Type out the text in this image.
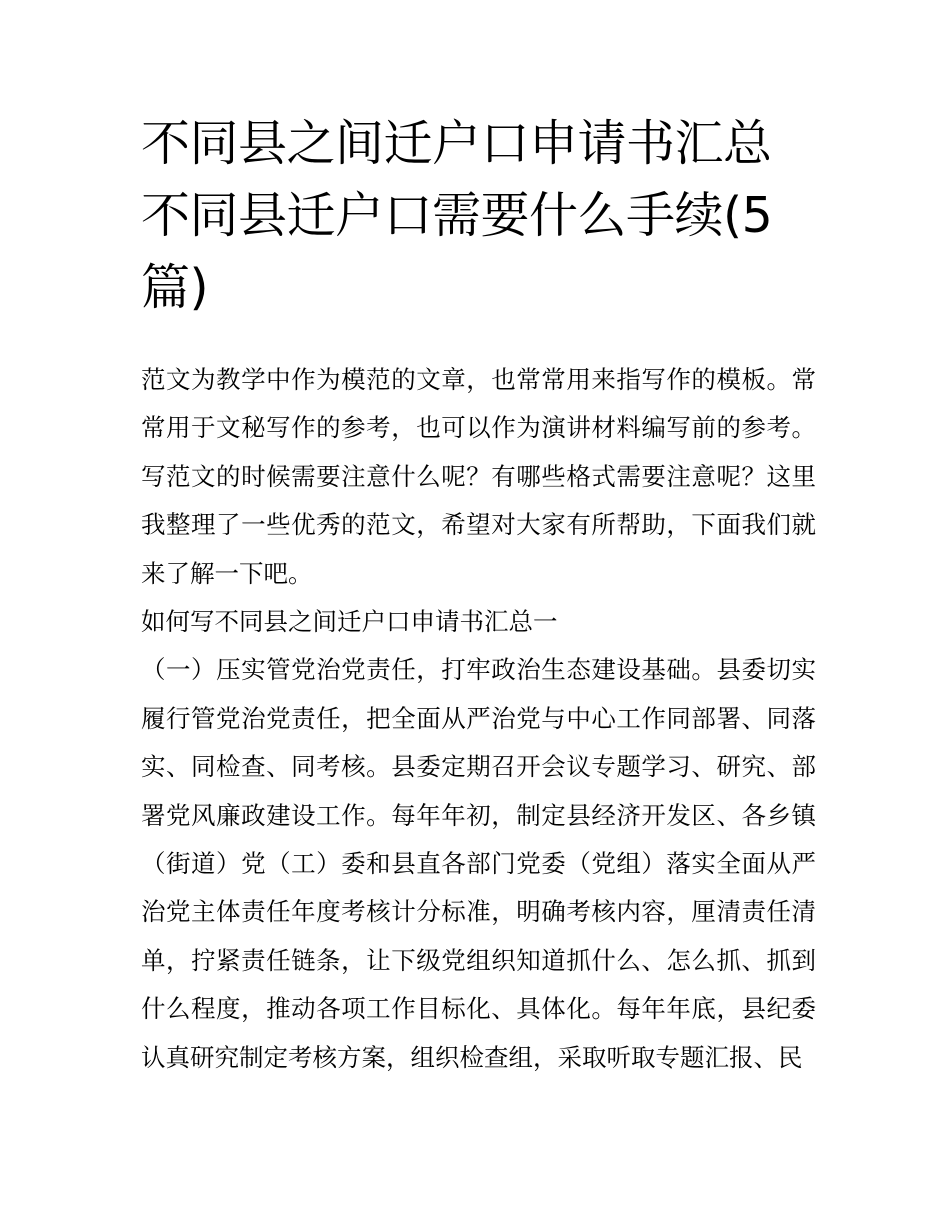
不同县之间迁户口申请书汇总 不同县迁户口需要什么手续(5篇)

范文为教学中作为模范的文章，也常常用来指写作的模板。常常用于文秘写作的参考，也可以作为演讲材料编写前的参考。写范文的时候需要注意什么呢？有哪些格式需要注意呢？这里我整理了一些优秀的范文，希望对大家有所帮助，下面我们就来了解一下吧。

如何写不同县之间迁户口申请书汇总一

（一）压实管党治党责任，打牢政治生态建设基础。县委切实履行管党治党责任，把全面从严治党与中心工作同部署、同落实、同检查、同考核。县委定期召开会议专题学习、研究、部署党风廉政建设工作。每年年初，制定县经济开发区、各乡镇（街道）党（工）委和县直各部门党委（党组）落实全面从严治党主体责任年度考核计分标准，明确考核内容，厘清责任清单，拧紧责任链条，让下级党组织知道抓什么、怎么抓、抓到什么程度，推动各项工作目标化、具体化。每年年底，县纪委认真研究制定考核方案，组织检查组，采取听取专题汇报、民
